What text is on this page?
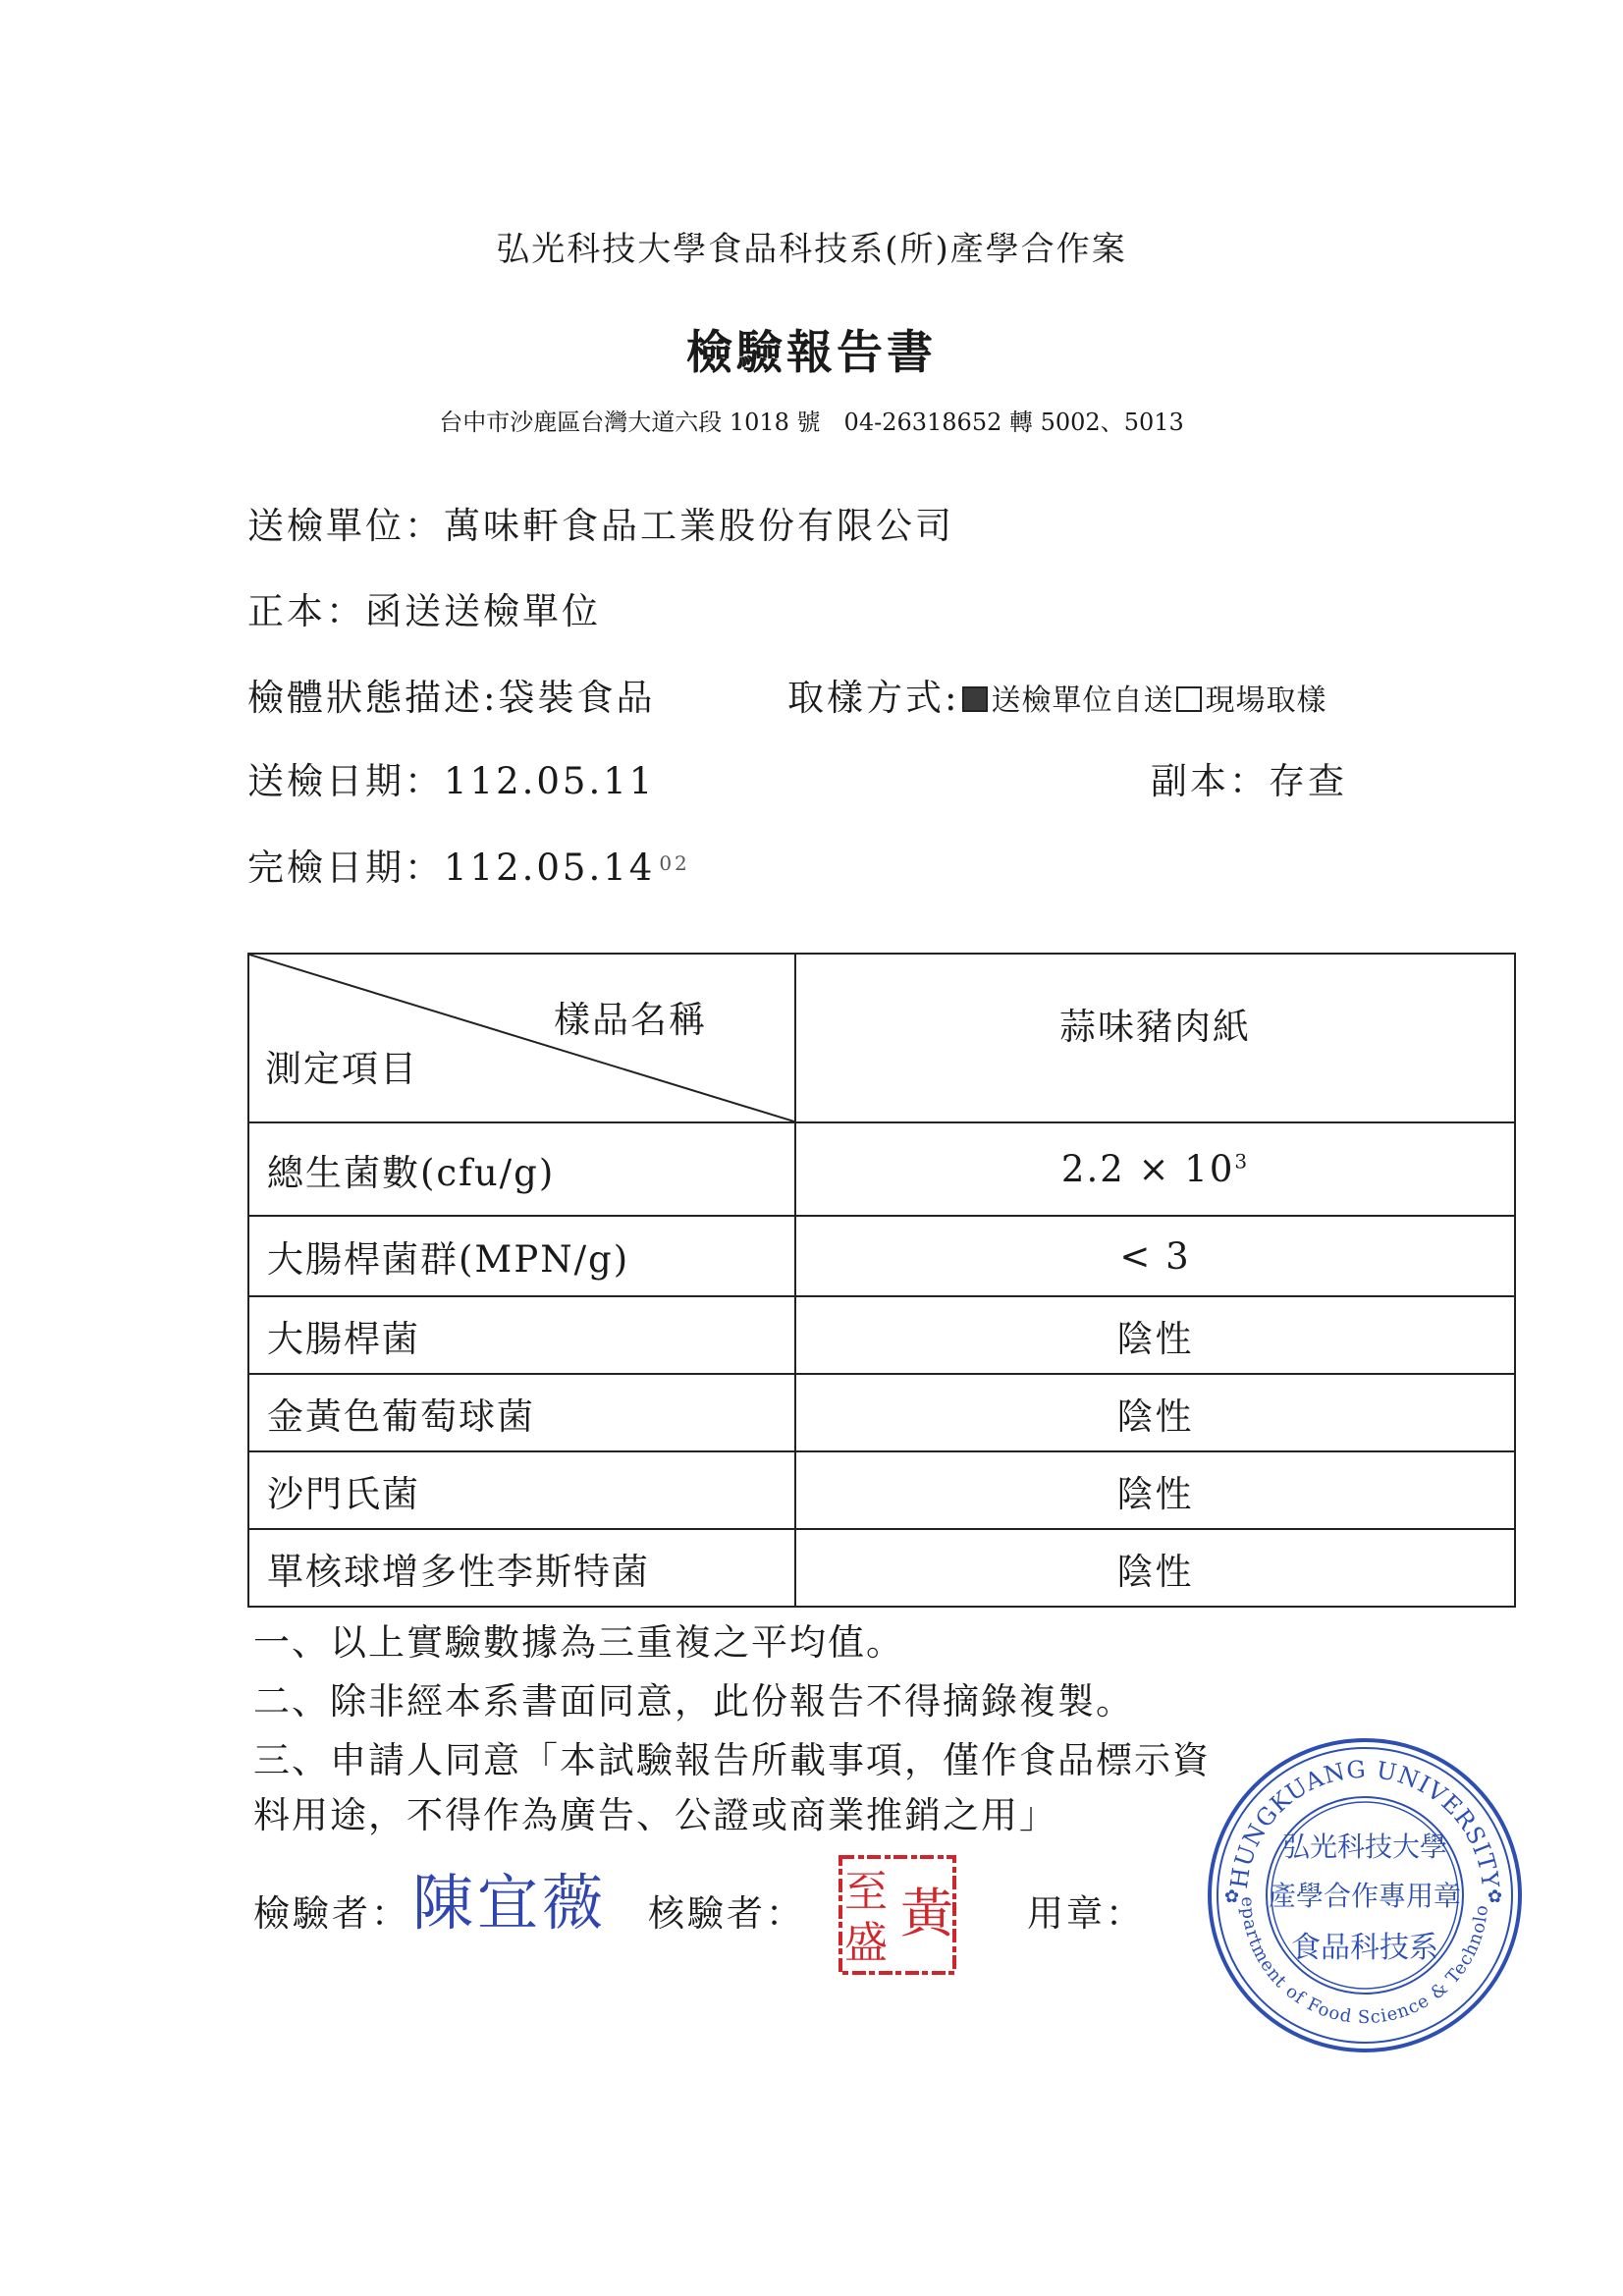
弘光科技大學食品科技系(所)產學合作案
檢驗報告書
台中市沙鹿區台灣大道六段 1018 號　04-26318652 轉 5002、5013
送檢單位：萬味軒食品工業股份有限公司
正本：函送送檢單位
檢體狀態描述:袋裝食品	取樣方式: 送檢單位自送 現場取樣
送檢日期：112.05.11	副本：存查
完檢日期：112.05.14 $^{02}$
樣品名稱
測定項目	蒜味豬肉紙
總生菌數(cfu/g)	$2.2 \times 10^3$
大腸桿菌群(MPN/g)	< 3
大腸桿菌	陰性
金黃色葡萄球菌	陰性
沙門氏菌	陰性
單核球增多性李斯特菌	陰性
一、以上實驗數據為三重複之平均值。
二、除非經本系書面同意，此份報告不得摘錄複製。
三、申請人同意「本試驗報告所載事項，僅作食品標示資
料用途，不得作為廣告、公證或商業推銷之用」
檢驗者： 陳宜薇 核驗者： 至
盛 黃 用章：
HUNGKUANG UNIVERSITY
epartment of Food Science & Technolo
弘光科技大學
產學合作專用章
食品科技系
✿	✿
